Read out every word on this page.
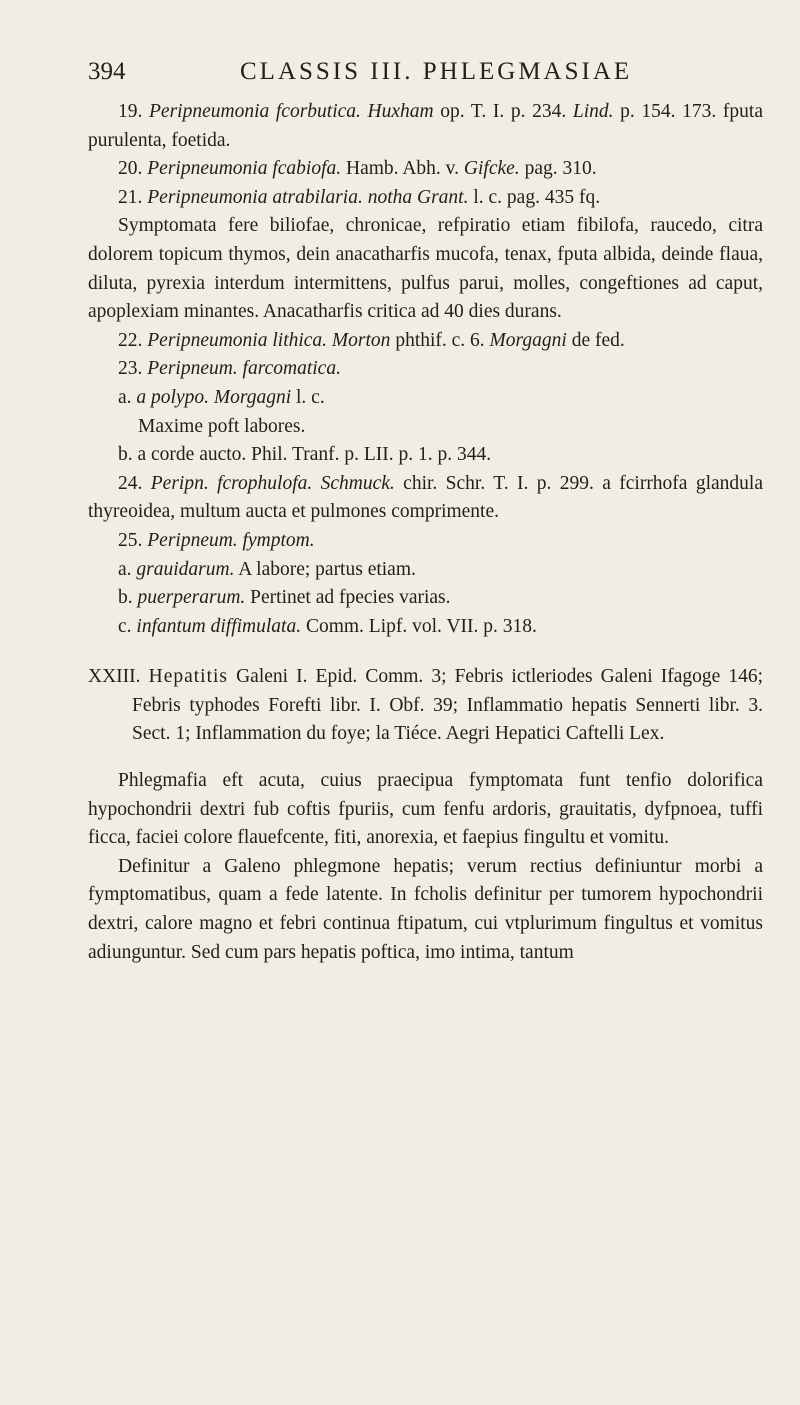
394	CLASSIS III. PHLEGMASIAE

19. Peripneumonia fcorbutica. Huxham op. T. I. p. 234. Lind. p. 154. 173. fputa purulenta, foetida.

20. Peripneumonia fcabiofa. Hamb. Abh. v. Gifcke. pag. 310.

21. Peripneumonia atrabilaria. notha Grant. l. c. pag. 435 fq.

Symptomata fere biliofae, chronicae, refpiratio etiam fibilofa, raucedo, citra dolorem topicum thymos, dein anacatharfis mucofa, tenax, fputa albida, deinde flaua, diluta, pyrexia interdum intermittens, pulfus parui, molles, congeftiones ad caput, apoplexiam minantes. Anacatharfis critica ad 40 dies durans.

22. Peripneumonia lithica. Morton phthif. c. 6. Morgagni de fed.

23. Peripneum. farcomatica.

a. a polypo. Morgagni l. c.

Maxime poft labores.

b. a corde aucto. Phil. Tranf. p. LII. p. 1. p. 344.

24. Peripn. fcrophulofa. Schmuck. chir. Schr. T. I. p. 299. a fcirrhofa glandula thyreoidea, multum aucta et pulmones comprimente.

25. Peripneum. fymptom.

a. grauidarum. A labore; partus etiam.

b. puerperarum. Pertinet ad fpecies varias.

c. infantum diffimulata. Comm. Lipf. vol. VII. p. 318.

XXIII. Hepatitis Galeni I. Epid. Comm. 3; Febris ictleriodes Galeni Ifagoge 146; Febris typhodes Forefti libr. I. Obf. 39; Inflammatio hepatis Sennerti libr. 3. Sect. 1; Inflammation du foye; la Tiéce. Aegri Hepatici Caftelli Lex.

Phlegmafia eft acuta, cuius praecipua fymptomata funt tenfio dolorifica hypochondrii dextri fub coftis fpuriis, cum fenfu ardoris, grauitatis, dyfpnoea, tuffi ficca, faciei colore flauefcente, fiti, anorexia, et faepius fingultu et vomitu.

Definitur a Galeno phlegmone hepatis; verum rectius definiuntur morbi a fymptomatibus, quam a fede latente. In fcholis definitur per tumorem hypochondrii dextri, calore magno et febri continua ftipatum, cui vtplurimum fingultus et vomitus adiunguntur. Sed cum pars hepatis poftica, imo intima, tantum
